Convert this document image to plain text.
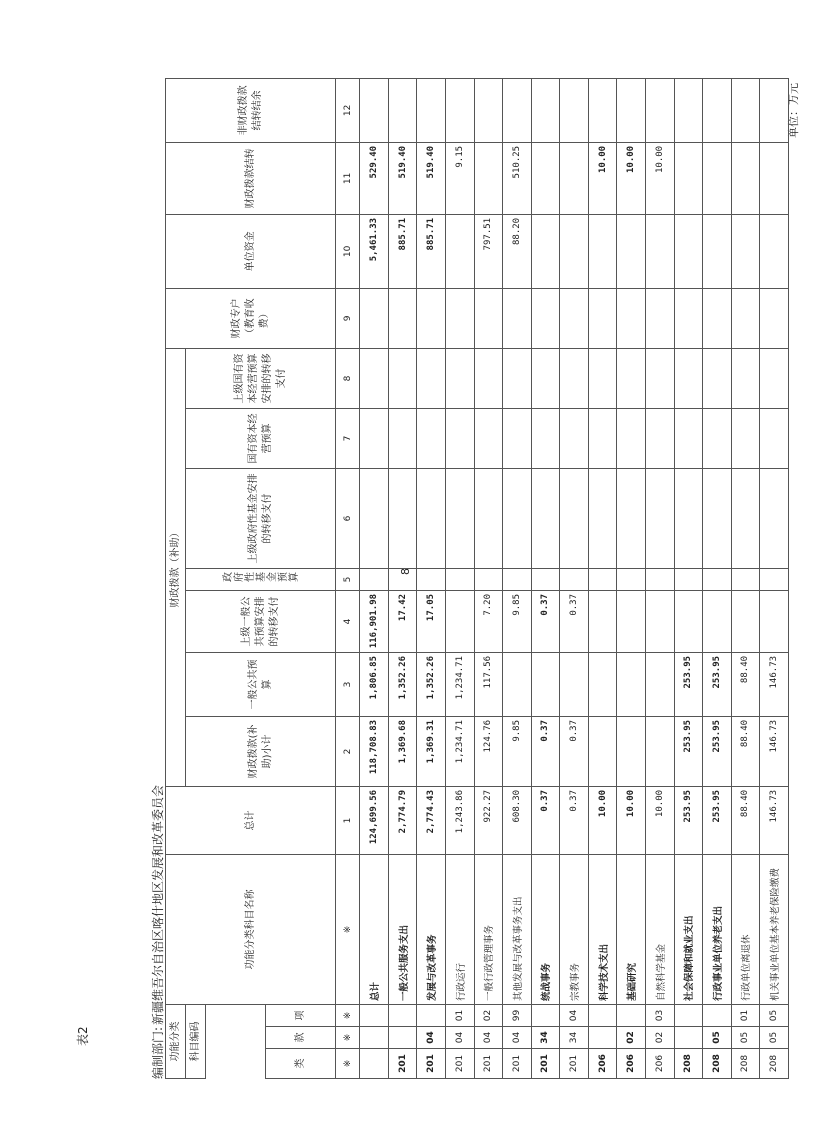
表2
8
编制部门:新疆维吾尔自治区喀什地区发展和改革委员会
单位：万元
功能分类			功能分类科目名称	总计	财政拨款（补助）							财政专户（教育收费）	单位资金	财政拨款结转	非财政拨款结转结余
科目编码					财政拨款(补助)小计	一般公共预算	上级一般公共预算安排的转移支付	政府性基金预算	上级政府性基金安排的转移支付	国有资本经营预算	上级国有资本经营预算安排的转移支付				

类	款	项													
※	※	※	※	1	2	3	4	5	6	7	8	9	10	11	12
			总计	124,699.56	118,708.83	1,806.85	116,901.98						5,461.33	529.40	
201			一般公共服务支出	2,774.79	1,369.68	1,352.26	17.42						885.71	519.40	
201	04		发展与改革事务	2,774.43	1,369.31	1,352.26	17.05						885.71	519.40	
201	04	01	行政运行	1,243.86	1,234.71	1,234.71								9.15	
201	04	02	一般行政管理事务	922.27	124.76	117.56	7.20						797.51		
201	04	99	其他发展与改革事务支出	608.30	9.85		9.85						88.20	510.25	
201	34		统战事务	0.37	0.37		0.37								
201	34	04	宗教事务	0.37	0.37		0.37								
206			科学技术支出	10.00										10.00	
206	02		基础研究	10.00										10.00	
206	02	03	自然科学基金	10.00										10.00	
208			社会保障和就业支出	253.95	253.95	253.95									
208	05		行政事业单位养老支出	253.95	253.95	253.95									
208	05	01	行政单位离退休	88.40	88.40	88.40									
208	05	05	机关事业单位基本养老保险缴费	146.73	146.73	146.73									
